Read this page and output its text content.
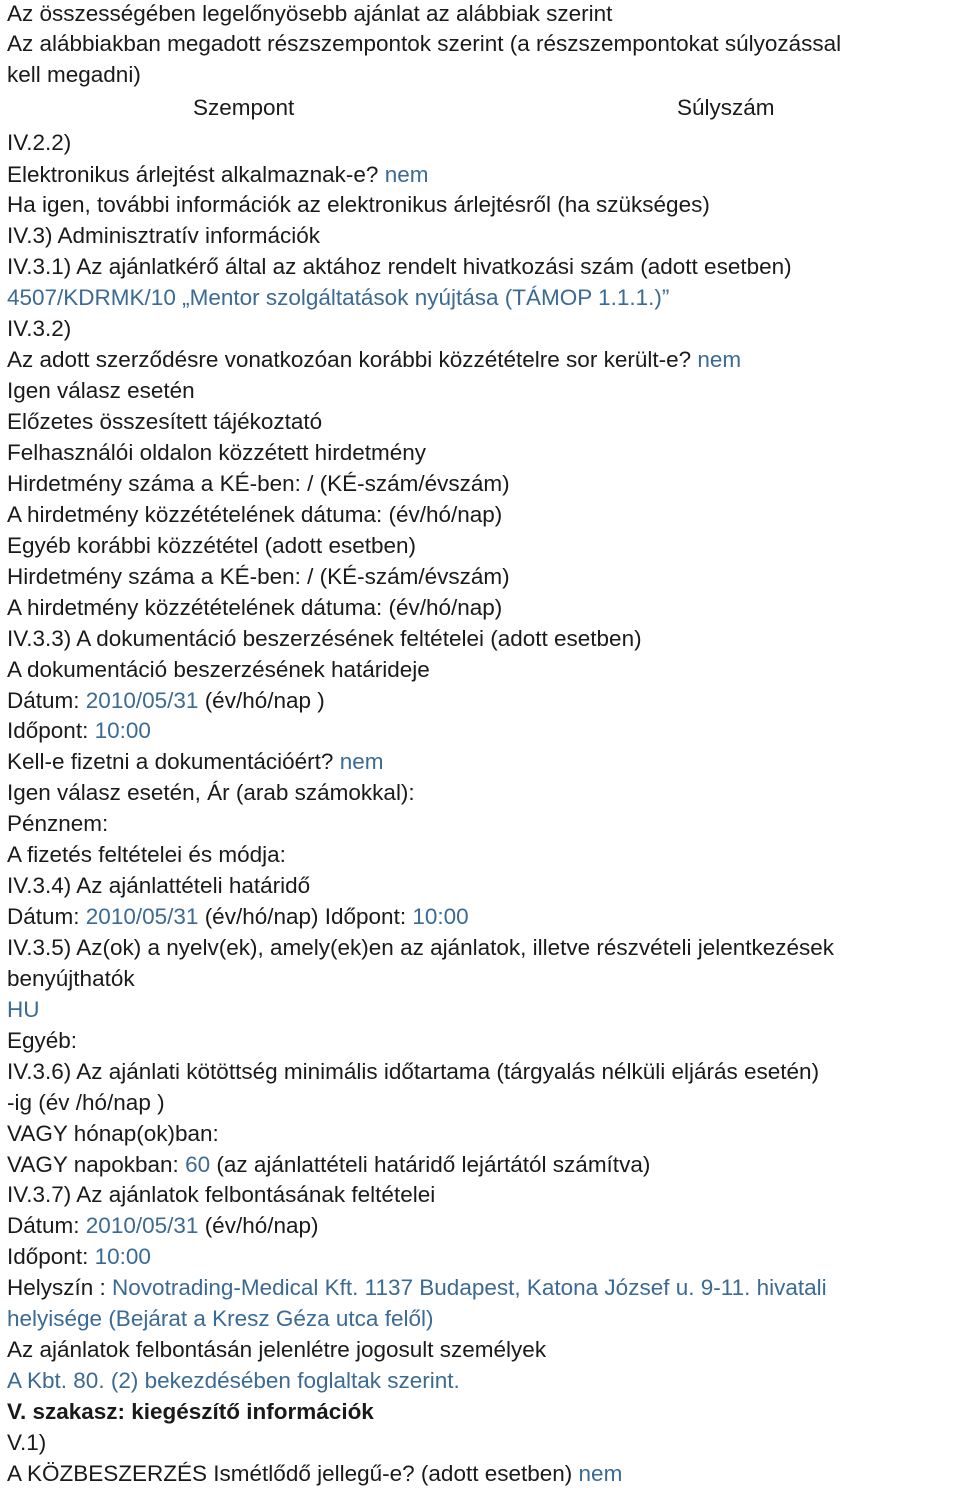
Az összességében legelőnyösebb ajánlat az alábbiak szerint
Az alábbiakban megadott részszempontok szerint (a részszempontokat súlyozással
kell megadni)
Szempont	Súlyszám
IV.2.2)
Elektronikus árlejtést alkalmaznak-e? nem
Ha igen, további információk az elektronikus árlejtésről (ha szükséges)
IV.3) Adminisztratív információk
IV.3.1) Az ajánlatkérő által az aktához rendelt hivatkozási szám (adott esetben)
4507/KDRMK/10 „Mentor szolgáltatások nyújtása (TÁMOP 1.1.1.)”
IV.3.2)
Az adott szerződésre vonatkozóan korábbi közzétételre sor került-e? nem
Igen válasz esetén
Előzetes összesített tájékoztató
Felhasználói oldalon közzétett hirdetmény
Hirdetmény száma a KÉ-ben: / (KÉ-szám/évszám)
A hirdetmény közzétételének dátuma: (év/hó/nap)
Egyéb korábbi közzététel (adott esetben)
Hirdetmény száma a KÉ-ben: / (KÉ-szám/évszám)
A hirdetmény közzétételének dátuma: (év/hó/nap)
IV.3.3) A dokumentáció beszerzésének feltételei (adott esetben)
A dokumentáció beszerzésének határideje
Dátum: 2010/05/31 (év/hó/nap )
Időpont: 10:00
Kell-e fizetni a dokumentációért? nem
Igen válasz esetén, Ár (arab számokkal):
Pénznem:
A fizetés feltételei és módja:
IV.3.4) Az ajánlattételi határidő
Dátum: 2010/05/31 (év/hó/nap) Időpont: 10:00
IV.3.5) Az(ok) a nyelv(ek), amely(ek)en az ajánlatok, illetve részvételi jelentkezések
benyújthatók
HU
Egyéb:
IV.3.6) Az ajánlati kötöttség minimális időtartama (tárgyalás nélküli eljárás esetén)
-ig (év /hó/nap )
VAGY hónap(ok)ban:
VAGY napokban: 60 (az ajánlattételi határidő lejártától számítva)
IV.3.7) Az ajánlatok felbontásának feltételei
Dátum: 2010/05/31 (év/hó/nap)
Időpont: 10:00
Helyszín : Novotrading-Medical Kft. 1137 Budapest, Katona József u. 9-11. hivatali
helyisége (Bejárat a Kresz Géza utca felől)
Az ajánlatok felbontásán jelenlétre jogosult személyek
A Kbt. 80. (2) bekezdésében foglaltak szerint.
V. szakasz: kiegészítő információk
V.1)
A KÖZBESZERZÉS Ismétlődő jellegű-e? (adott esetben) nem
